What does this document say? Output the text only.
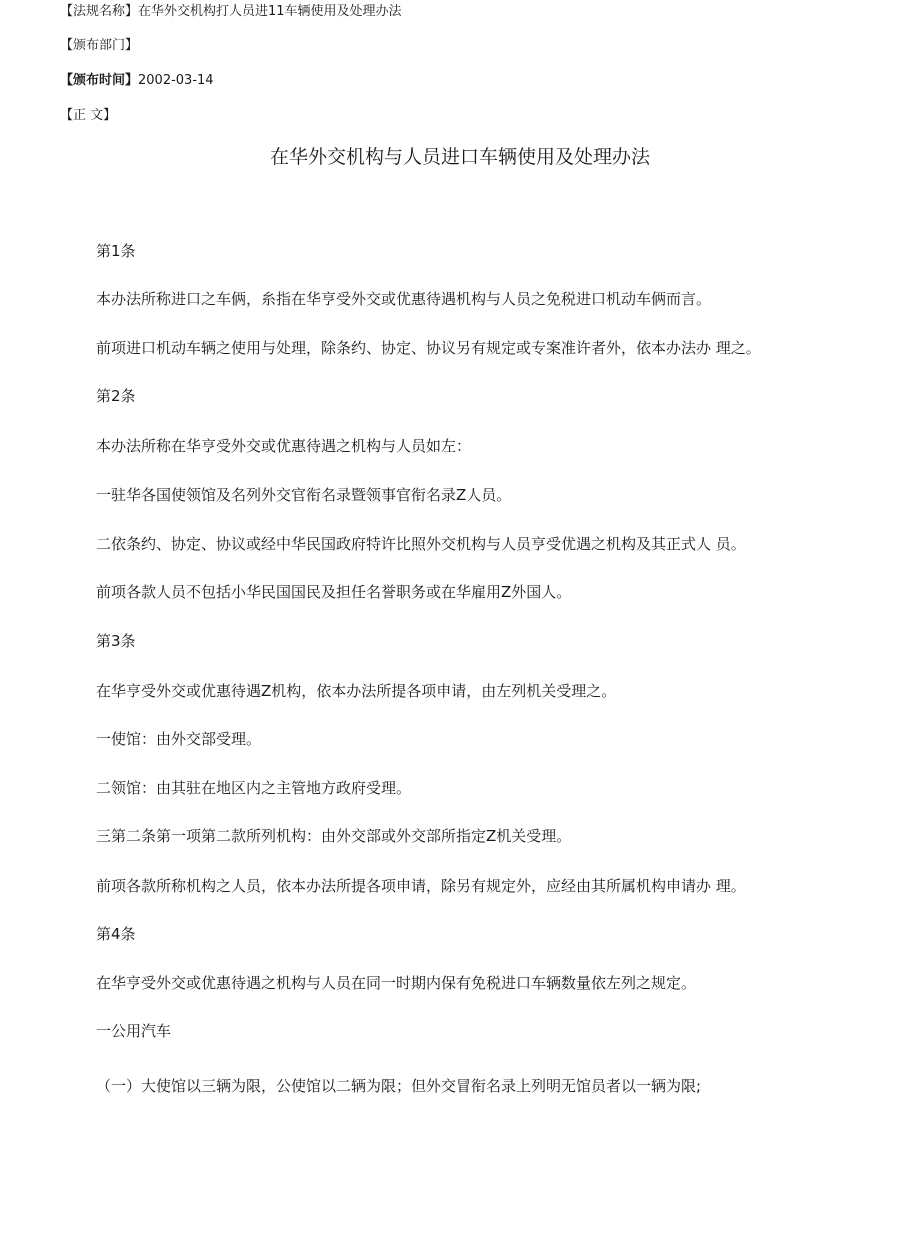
【法规名称】在华外交机构打人员进11车辆使用及处理办法
【颁布部门】
【颁布时间】2002-03-14
【正 文】
在华外交机构与人员进口车辆使用及处理办法
第1条
本办法所称进口之车俩，糸指在华亨受外交或优惠待遇机构与人员之免税进口机动车俩而言。
前项进口机动车辆之使用与处理，除条约、协定、协议另有规定或专案准许者外，依本办法办 理之。
第2条
本办法所称在华亨受外交或优惠待遇之机构与人员如左：
一驻华各国使领馆及名列外交官衔名录暨领事官衔名录Z人员。
二依条约、协定、协议或经中华民国政府特许比照外交机构与人员亨受优遇之机构及其正式人 员。
前项各款人员不包括小华民国国民及担任名誉职务或在华雇用Z外国人。
第3条
在华亨受外交或优惠待遇Z机构，依本办法所提各项申请，由左列机关受理之。
一使馆：由外交部受理。
二领馆：由其驻在地区内之主管地方政府受理。
三第二条第一项第二款所列机构：由外交部或外交部所指定Z机关受理。
前项各款所称机构之人员，依本办法所提各项申请，除另有规定外，应经由其所属机构申请办 理。
第4条
在华亨受外交或优惠待遇之机构与人员在同一时期内保有免税进口车辆数量依左列之规定。
一公用汽车
（一）大使馆以三辆为限，公使馆以二辆为限；但外交冒衔名录上列明无馆员者以一辆为限;
